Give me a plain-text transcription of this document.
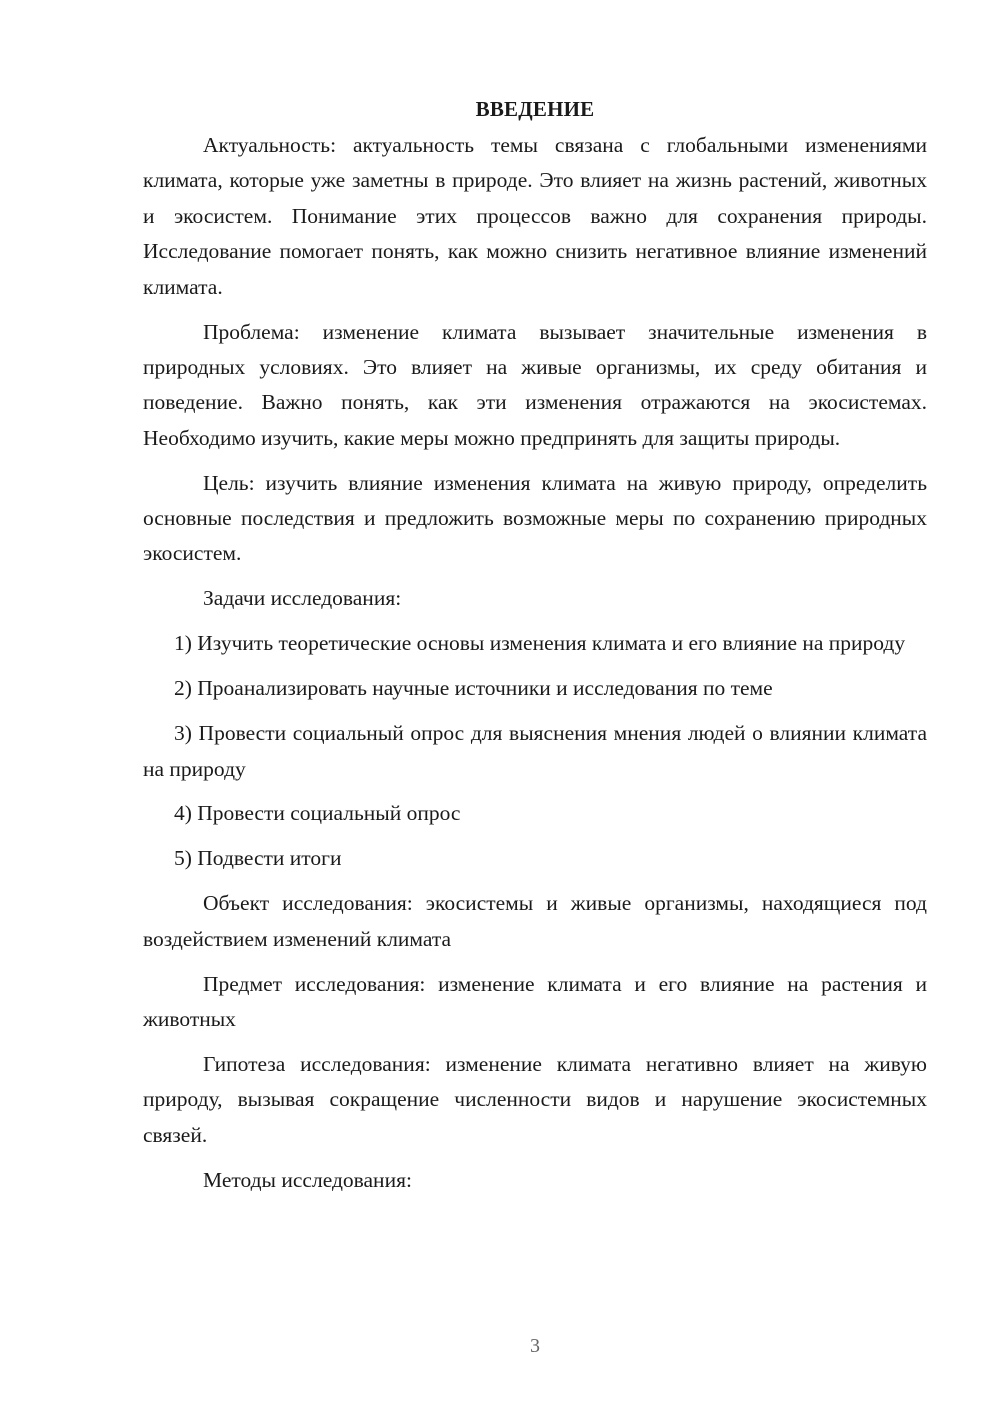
ВВЕДЕНИЕ

Актуальность: актуальность темы связана с глобальными изменениями климата, которые уже заметны в природе. Это влияет на жизнь растений, животных и экосистем. Понимание этих процессов важно для сохранения природы. Исследование помогает понять, как можно снизить негативное влияние изменений климата.

Проблема: изменение климата вызывает значительные изменения в природных условиях. Это влияет на живые организмы, их среду обитания и поведение. Важно понять, как эти изменения отражаются на экосистемах. Необходимо изучить, какие меры можно предпринять для защиты природы.

Цель: изучить влияние изменения климата на живую природу, определить основные последствия и предложить возможные меры по сохранению природных экосистем.

Задачи исследования:

1) Изучить теоретические основы изменения климата и его влияние на природу

2) Проанализировать научные источники и исследования по теме

3) Провести социальный опрос для выяснения мнения людей о влиянии климата на природу

4) Провести социальный опрос

5) Подвести итоги

Объект исследования: экосистемы и живые организмы, находящиеся под воздействием изменений климата

Предмет исследования: изменение климата и его влияние на растения и животных

Гипотеза исследования: изменение климата негативно влияет на живую природу, вызывая сокращение численности видов и нарушение экосистемных связей.

Методы исследования:

3
